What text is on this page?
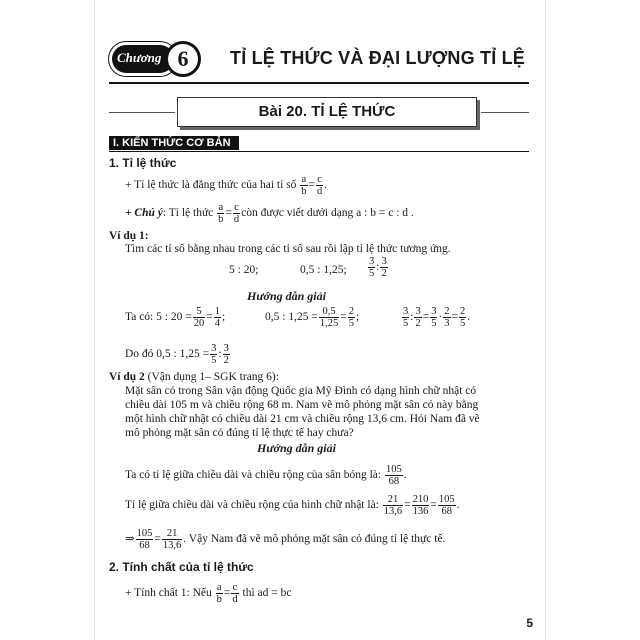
Chương 6	TỈ LỆ THỨC VÀ ĐẠI LƯỢNG TỈ LỆ
Bài 20. TỈ LỆ THỨC
I. KIẾN THỨC CƠ BẢN
1. Tỉ lệ thức
+ Tỉ lệ thức là đẳng thức của hai tỉ số $\frac{a}{b} = \frac{c}{d}$ .
+ Chú ý: Tỉ lệ thức $\frac{a}{b} = \frac{c}{d}$ còn được viết dưới dạng a : b = c : d .
Ví dụ 1:
Tìm các tỉ số bằng nhau trong các tỉ số sau rồi lập tỉ lệ thức tương ứng.
5 : 20;	0,5 : 1,25; $\frac{3}{5}$ : $\frac{3}{2}$
Hướng dẫn giải
Ta có: 5 : $20 = \frac{5}{20} = \frac{1}{4}$ ;	0,5 : $1,25 = \frac{0,5}{1,25} = \frac{2}{5}$ ;	$\frac{3}{5}$ : $\frac{3}{2} = \frac{3}{5} \cdot \frac{2}{3} = \frac{2}{5}$ .
Do đó 0,5 : $1,25 = \frac{3}{5}$ : $\frac{3}{2}$
Ví dụ 2 (Vận dụng 1– SGK trang 6):
Mặt sân cỏ trong Sân vận động Quốc gia Mỹ Đình có dạng hình chữ nhật có
chiều dài 105 m và chiều rộng 68 m. Nam vẽ mô phỏng mặt sân cỏ này bằng
một hình chữ nhật có chiều dài 21 cm và chiều rộng 13,6 cm. Hỏi Nam đã vẽ
mô phỏng mặt sân cỏ đúng tỉ lệ thực tế hay chưa?
Hướng dẫn giải
Ta có tỉ lệ giữa chiều dài và chiều rộng của sân bóng là: $\frac{105}{68}$ .
Tỉ lệ giữa chiều dài và chiều rộng của hình chữ nhật là: $\frac{21}{13,6} = \frac{210}{136} = \frac{105}{68}$ .
⇒ $\frac{105}{68} = \frac{21}{13,6}$ . Vậy Nam đã vẽ mô phỏng mặt sân cỏ đúng tỉ lệ thực tế.
2. Tính chất của tỉ lệ thức
+ Tính chất 1: Nếu $\frac{a}{b} = \frac{c}{d}$ thì ad = bc
5
